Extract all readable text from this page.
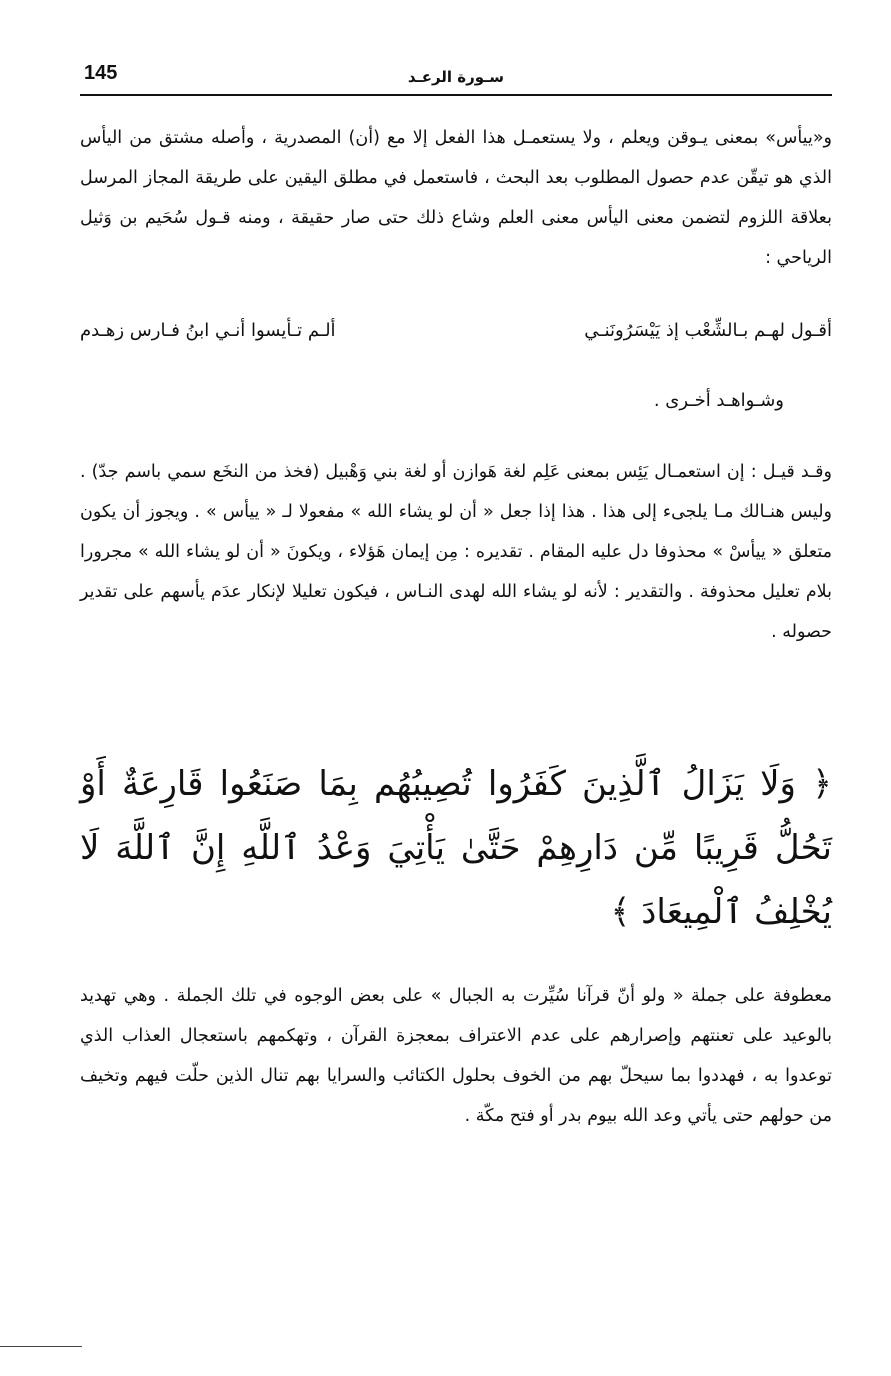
145	سـورة الرعـد
و«ييأس» بمعنى يـوقن ويعلم ، ولا يستعمـل هذا الفعل إلا مع (أن) المصدرية ، وأصله مشتق من اليأس الذي هو تيقّن عدم حصول المطلوب بعد البحث ، فاستعمل في مطلق اليقين على طريقة المجاز المرسل بعلاقة اللزوم لتضمن معنى اليأس معنى العلم وشاع ذلك حتى صار حقيقة ، ومنه قـول سُحَيم بن وَثيل الرياحي :
أقـول لهـم بـالشِّعْب إذ يَيْسَرُونَنـي
ألـم تـأيسوا أنـي ابنُ فـارس زهـدم
وشـواهـد أخـرى .
وقـد قيـل : إن استعمـال يَئِس بمعنى عَلِم لغة هَوازن أو لغة بني وَهْبيل (فخذ من النخَع سمي باسم جدّ) . وليس هنـالك مـا يلجىء إلى هذا . هذا إذا جعل « أن لو يشاء الله » مفعولا لـ « ييأس » . ويجوز أن يكون متعلق « ييأسْ » محذوفا دل عليه المقام . تقديره : مِن إيمان هَؤلاء ، ويكونَ « أن لو يشاء الله » مجرورا بلام تعليل محذوفة . والتقدير : لأنه لو يشاء الله لهدى النـاس ، فيكون تعليلا لإنكار عدَم يأسهم على تقدير حصوله .
﴿ وَلَا يَزَالُ ٱلَّذِينَ كَفَرُوا تُصِيبُهُم بِمَا صَنَعُوا قَارِعَةٌ أَوْ تَحُلُّ قَرِيبًا مِّن دَارِهِمْ حَتَّىٰ يَأْتِيَ وَعْدُ ٱللَّهِ إِنَّ ٱللَّهَ لَا يُخْلِفُ ٱلْمِيعَادَ ﴾
معطوفة على جملة « ولو أنّ قرآنا سُيِّرت به الجبال » على بعض الوجوه في تلك الجملة . وهي تهديد بالوعيد على تعنتهم وإصرارهم على عدم الاعتراف بمعجزة القرآن ، وتهكمهم باستعجال العذاب الذي توعدوا به ، فهددوا بما سيحلّ بهم من الخوف بحلول الكتائب والسرايا بهم تنال الذين حلّت فيهم وتخيف من حولهم حتى يأتي وعد الله بيوم بدر أو فتح مكّة .
